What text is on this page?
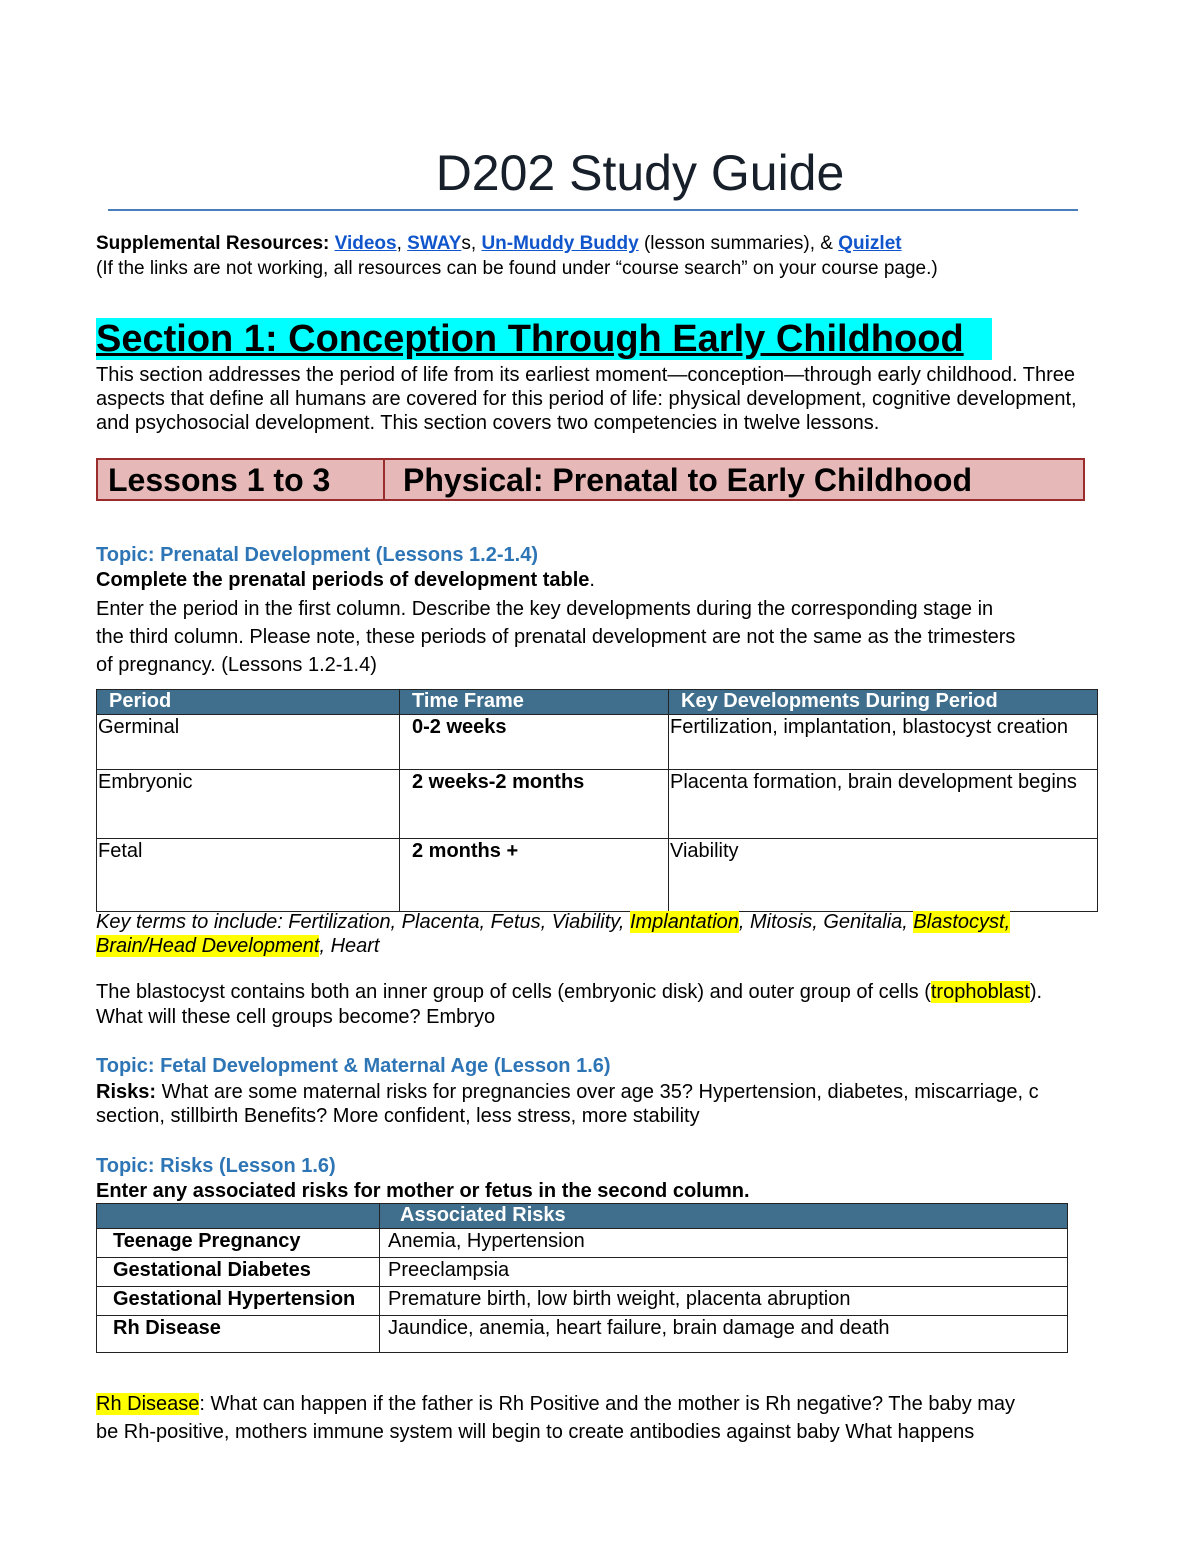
D202 Study Guide
Supplemental Resources: Videos, SWAYs, Un-Muddy Buddy (lesson summaries), & Quizlet
(If the links are not working, all resources can be found under “course search” on your course page.)
Section 1: Conception Through Early Childhood
This section addresses the period of life from its earliest moment—conception—through early childhood. Three
aspects that define all humans are covered for this period of life: physical development, cognitive development,
and psychosocial development. This section covers two competencies in twelve lessons.
Lessons 1 to 3	Physical: Prenatal to Early Childhood
Topic: Prenatal Development (Lessons 1.2-1.4)
Complete the prenatal periods of development table.
Enter the period in the first column. Describe the key developments during the corresponding stage in
the third column. Please note, these periods of prenatal development are not the same as the trimesters
of pregnancy. (Lessons 1.2-1.4)
Period	Time Frame	Key Developments During Period
Germinal	0-2 weeks	Fertilization, implantation, blastocyst creation
Embryonic	2 weeks-2 months	Placenta formation, brain development begins
Fetal	2 months +	Viability
Key terms to include: Fertilization, Placenta, Fetus, Viability, Implantation, Mitosis, Genitalia, Blastocyst,
Brain/Head Development, Heart
The blastocyst contains both an inner group of cells (embryonic disk) and outer group of cells (trophoblast).
What will these cell groups become? Embryo
Topic: Fetal Development & Maternal Age (Lesson 1.6)
Risks: What are some maternal risks for pregnancies over age 35? Hypertension, diabetes, miscarriage, c
section, stillbirth Benefits? More confident, less stress, more stability
Topic: Risks (Lesson 1.6)
Enter any associated risks for mother or fetus in the second column.
	Associated Risks
Teenage Pregnancy	Anemia, Hypertension
Gestational Diabetes	Preeclampsia
Gestational Hypertension	Premature birth, low birth weight, placenta abruption
Rh Disease	Jaundice, anemia, heart failure, brain damage and death
Rh Disease: What can happen if the father is Rh Positive and the mother is Rh negative? The baby may
be Rh-positive, mothers immune system will begin to create antibodies against baby What happens
